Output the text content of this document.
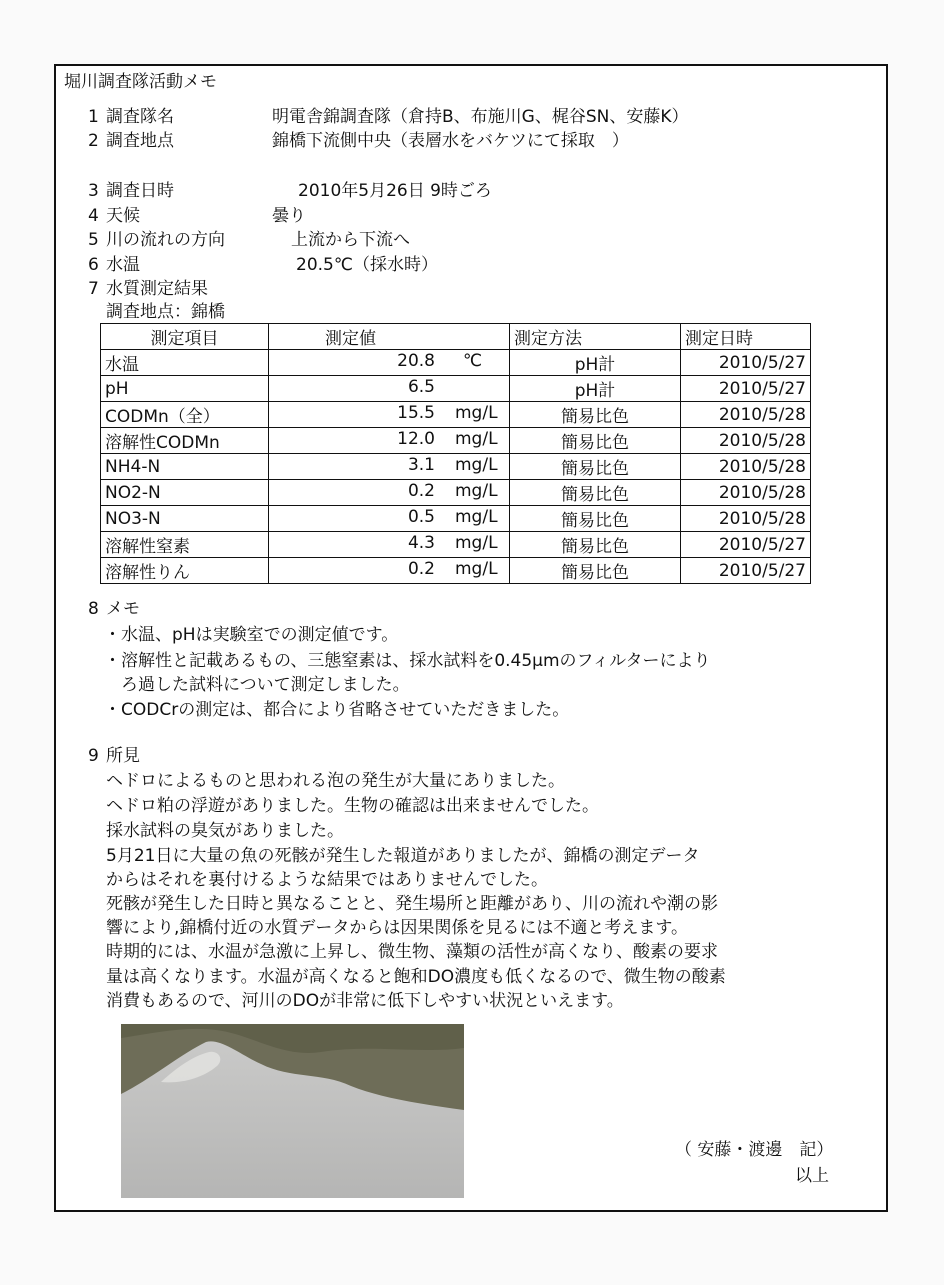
堀川調査隊活動メモ
1 調査隊名	明電舎錦調査隊（倉持B、布施川G、梶谷SN、安藤K）
2 調査地点	錦橋下流側中央（表層水をバケツにて採取　）
3 調査日時	2010年5月26日 9時ごろ
4 天候	曇り
5 川の流れの方向	上流から下流へ
6 水温	20.5℃（採水時）
7 水質測定結果
調査地点：錦橋
測定項目	測定値	測定方法	測定日時
水温	20.8 ℃	pH計	2010/5/27
pH	6.5	pH計	2010/5/27
CODMn（全）	15.5 mg/L	簡易比色	2010/5/28
溶解性CODMn	12.0 mg/L	簡易比色	2010/5/28
NH4-N	3.1 mg/L	簡易比色	2010/5/28
NO2-N	0.2 mg/L	簡易比色	2010/5/28
NO3-N	0.5 mg/L	簡易比色	2010/5/28
溶解性窒素	4.3 mg/L	簡易比色	2010/5/27
溶解性りん	0.2 mg/L	簡易比色	2010/5/27
8 メモ
・水温、pHは実験室での測定値です。
・溶解性と記載あるもの、三態窒素は、採水試料を0.45μmのフィルターにより
　ろ過した試料について測定しました。
・CODCrの測定は、都合により省略させていただきました。
9 所見
ヘドロによるものと思われる泡の発生が大量にありました。
ヘドロ粕の浮遊がありました。生物の確認は出来ませんでした。
採水試料の臭気がありました。
5月21日に大量の魚の死骸が発生した報道がありましたが、錦橋の測定データ
からはそれを裏付けるような結果ではありませんでした。
死骸が発生した日時と異なることと、発生場所と距離があり、川の流れや潮の影
響により,錦橋付近の水質データからは因果関係を見るには不適と考えます。
時期的には、水温が急激に上昇し、微生物、藻類の活性が高くなり、酸素の要求
量は高くなります。水温が高くなると飽和DO濃度も低くなるので、微生物の酸素
消費もあるので、河川のDOが非常に低下しやすい状況といえます。
（ 安藤・渡邊　記）
以上
